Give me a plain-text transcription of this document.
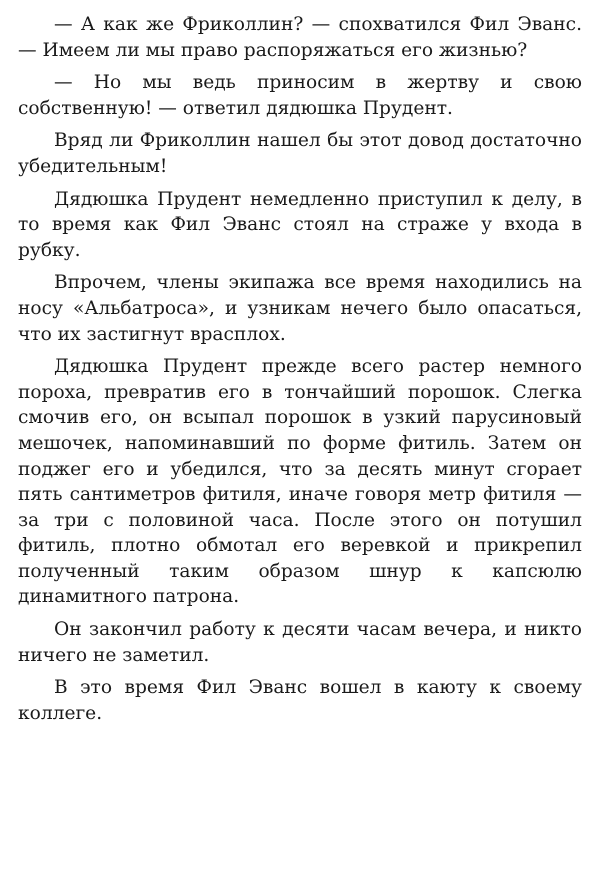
— А как же Фриколлин? — спохватился Фил Эванс. — Имеем ли мы право распоряжаться его жизнью?

— Но мы ведь приносим в жертву и свою собственную! — ответил дядюшка Прудент.

Вряд ли Фриколлин нашел бы этот довод достаточно убедительным!

Дядюшка Прудент немедленно приступил к делу, в то время как Фил Эванс стоял на страже у входа в рубку.

Впрочем, члены экипажа все время находились на носу «Альбатроса», и узникам нечего было опасаться, что их застигнут врасплох.

Дядюшка Прудент прежде всего растер немного пороха, превратив его в тончайший порошок. Слегка смочив его, он всыпал порошок в узкий парусиновый мешочек, напоминавший по форме фитиль. Затем он поджег его и убедился, что за десять минут сгорает пять сантиметров фитиля, иначе говоря метр фитиля — за три с половиной часа. После этого он потушил фитиль, плотно обмотал его веревкой и прикрепил полученный таким образом шнур к капсюлю динамитного патрона.

Он закончил работу к десяти часам вечера, и никто ничего не заметил.

В это время Фил Эванс вошел в каюту к своему коллеге.
